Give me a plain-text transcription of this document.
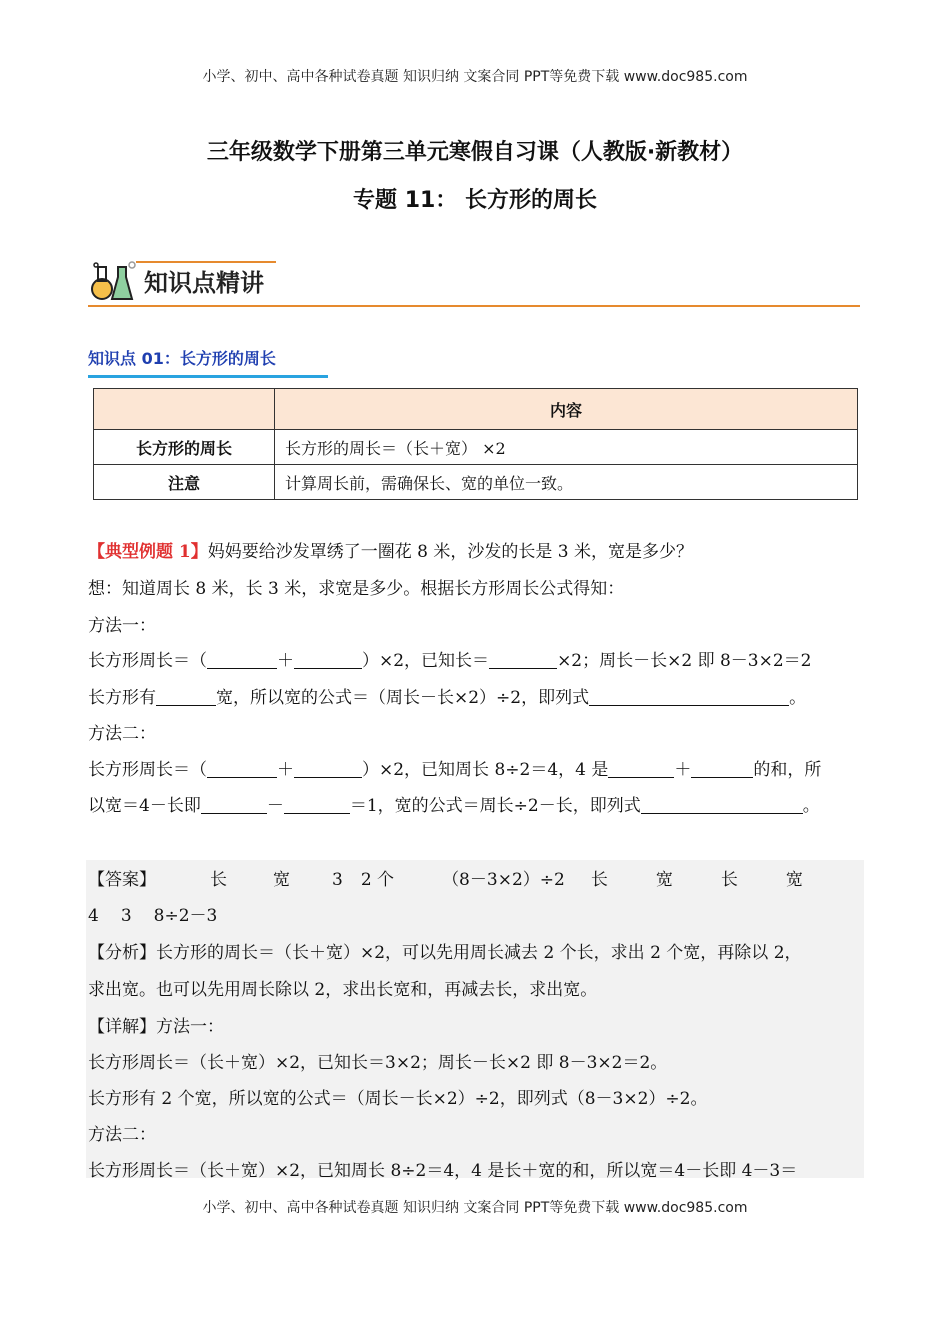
小学、初中、高中各种试卷真题 知识归纳 文案合同 PPT等免费下载 www.doc985.com
三年级数学下册第三单元寒假自习课（人教版·新教材）
专题 11： 长方形的周长
知识点精讲
知识点 01：长方形的周长
	内容
长方形的周长	长方形的周长＝（长＋宽） ×2
注意	计算周长前，需确保长、宽的单位一致。
【典型例题 1】妈妈要给沙发罩绣了一圈花 8 米，沙发的长是 3 米，宽是多少？
想：知道周长 8 米，长 3 米，求宽是多少。根据长方形周长公式得知：
方法一：
长方形周长＝（	＋	）×2，已知长＝	×2；周长－长×2 即 8－3×2＝2
长方形有	宽，所以宽的公式＝（周长－长×2）÷2，即列式	。
方法二：
长方形周长＝（	＋	）×2，已知周长 8÷2＝4，4 是	＋	的和，所
以宽＝4－长即	－	＝1，宽的公式＝周长÷2－长，即列式	。
【答案】	长	宽 3 2 个	（8－3×2）÷2 长	宽	长	宽
4 3 8÷2－3
【分析】长方形的周长＝（长＋宽）×2，可以先用周长减去 2 个长，求出 2 个宽，再除以 2，
求出宽。也可以先用周长除以 2，求出长宽和，再减去长，求出宽。
【详解】方法一：
长方形周长＝（长＋宽）×2，已知长＝3×2；周长－长×2 即 8－3×2＝2。
长方形有 2 个宽，所以宽的公式＝（周长－长×2）÷2，即列式（8－3×2）÷2。
方法二：
长方形周长＝（长＋宽）×2，已知周长 8÷2＝4，4 是长＋宽的和，所以宽＝4－长即 4－3＝
小学、初中、高中各种试卷真题 知识归纳 文案合同 PPT等免费下载 www.doc985.com
